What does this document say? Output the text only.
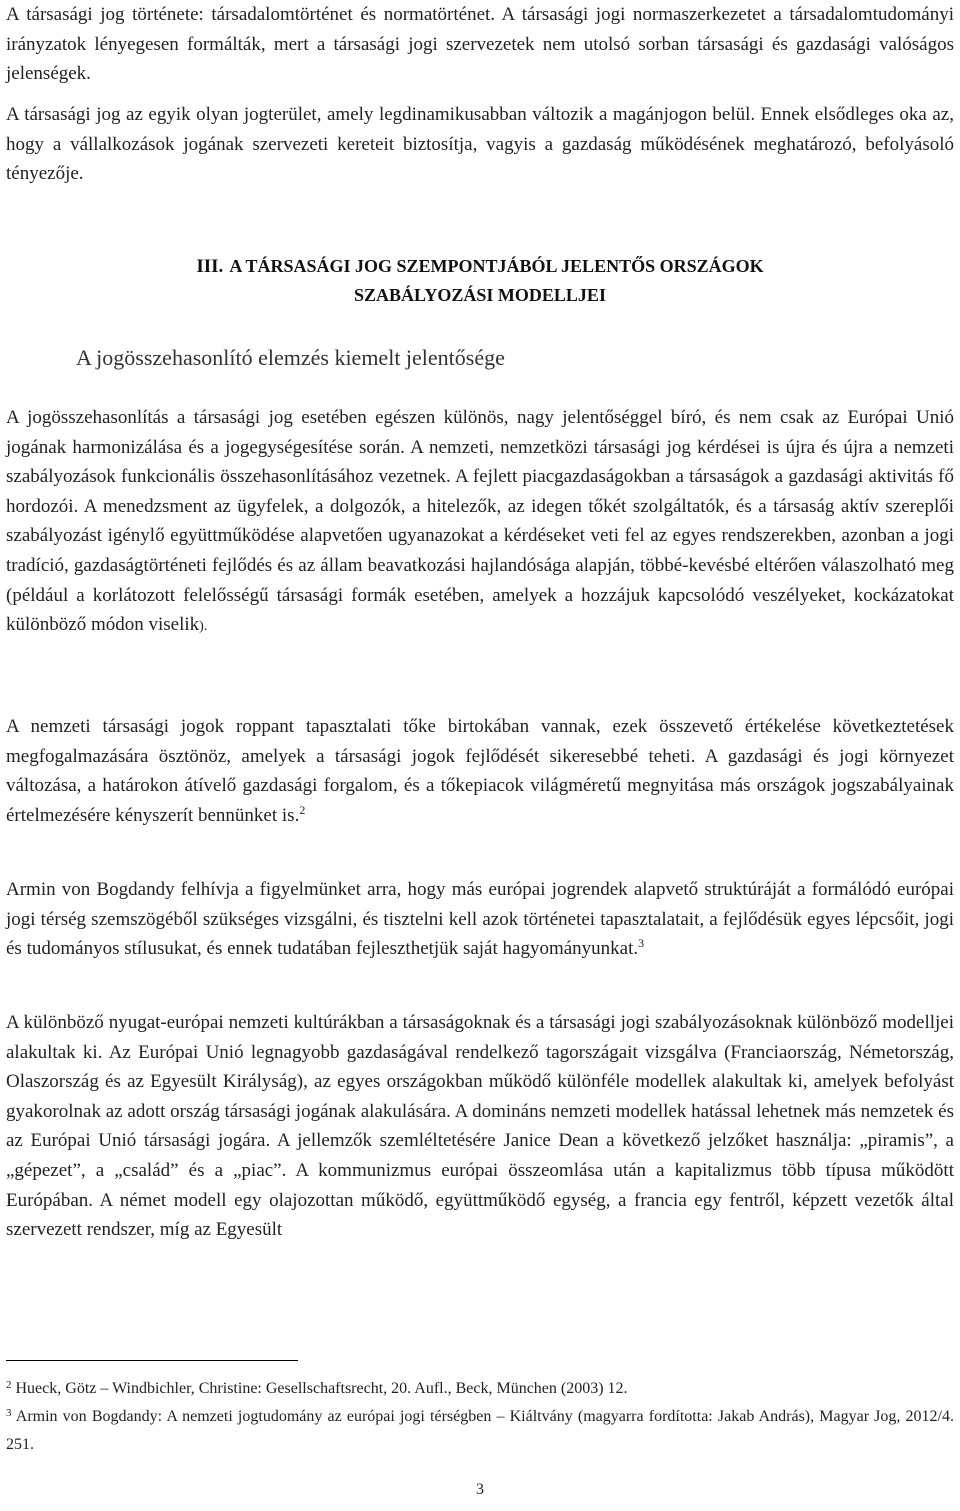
A társasági jog története: társadalomtörténet és normatörténet. A társasági jogi normaszerkezetet a társadalomtudományi irányzatok lényegesen formálták, mert a társasági jogi szervezetek nem utolsó sorban társasági és gazdasági valóságos jelenségek.

A társasági jog az egyik olyan jogterület, amely legdinamikusabban változik a magánjogon belül. Ennek elsődleges oka az, hogy a vállalkozások jogának szervezeti kereteit biztosítja, vagyis a gazdaság működésének meghatározó, befolyásoló tényezője.

III. A TÁRSASÁGI JOG SZEMPONTJÁBÓL JELENTŐS ORSZÁGOK
SZABÁLYOZÁSI MODELLJEI
A jogösszehasonlító elemzés kiemelt jelentősége

A jogösszehasonlítás a társasági jog esetében egészen különös, nagy jelentőséggel bíró, és nem csak az Európai Unió jogának harmonizálása és a jogegységesítése során. A nemzeti, nemzetközi társasági jog kérdései is újra és újra a nemzeti szabályozások funkcionális összehasonlításához vezetnek. A fejlett piacgazdaságokban a társaságok a gazdasági aktivitás fő hordozói. A menedzsment az ügyfelek, a dolgozók, a hitelezők, az idegen tőkét szolgáltatók, és a társaság aktív szereplői szabályozást igénylő együttműködése alapvetően ugyanazokat a kérdéseket veti fel az egyes rendszerekben, azonban a jogi tradíció, gazdaságtörténeti fejlődés és az állam beavatkozási hajlandósága alapján, többé-kevésbé eltérően válaszolható meg (például a korlátozott felelősségű társasági formák esetében, amelyek a hozzájuk kapcsolódó veszélyeket, kockázatokat különböző módon viselik).

A nemzeti társasági jogok roppant tapasztalati tőke birtokában vannak, ezek összevető értékelése következtetések megfogalmazására ösztönöz, amelyek a társasági jogok fejlődését sikeresebbé teheti. A gazdasági és jogi környezet változása, a határokon átívelő gazdasági forgalom, és a tőkepiacok világméretű megnyitása más országok jogszabályainak értelmezésére kényszerít bennünket is.$^2$

Armin von Bogdandy felhívja a figyelmünket arra, hogy más európai jogrendek alapvető struktúráját a formálódó európai jogi térség szemszögéből szükséges vizsgálni, és tisztelni kell azok történetei tapasztalatait, a fejlődésük egyes lépcsőit, jogi és tudományos stílusukat, és ennek tudatában fejleszthetjük saját hagyományunkat.$^3$

A különböző nyugat-európai nemzeti kultúrákban a társaságoknak és a társasági jogi szabályozásoknak különböző modelljei alakultak ki. Az Európai Unió legnagyobb gazdaságával rendelkező tagországait vizsgálva (Franciaország, Németország, Olaszország és az Egyesült Királyság), az egyes országokban működő különféle modellek alakultak ki, amelyek befolyást gyakorolnak az adott ország társasági jogának alakulására. A domináns nemzeti modellek hatással lehetnek más nemzetek és az Európai Unió társasági jogára. A jellemzők szemléltetésére Janice Dean a következő jelzőket használja: „piramis”, a „gépezet”, a „család” és a „piac”. A kommunizmus európai összeomlása után a kapitalizmus több típusa működött Európában. A német modell egy olajozottan működő, együttműködő egység, a francia egy fentről, képzett vezetők által szervezett rendszer, míg az Egyesült

$^2$ Hueck, Götz – Windbichler, Christine: Gesellschaftsrecht, 20. Aufl., Beck, München (2003) 12.

$^3$ Armin von Bogdandy: A nemzeti jogtudomány az európai jogi térségben – Kiáltvány (magyarra fordította: Jakab András), Magyar Jog, 2012/4. 251.

3
